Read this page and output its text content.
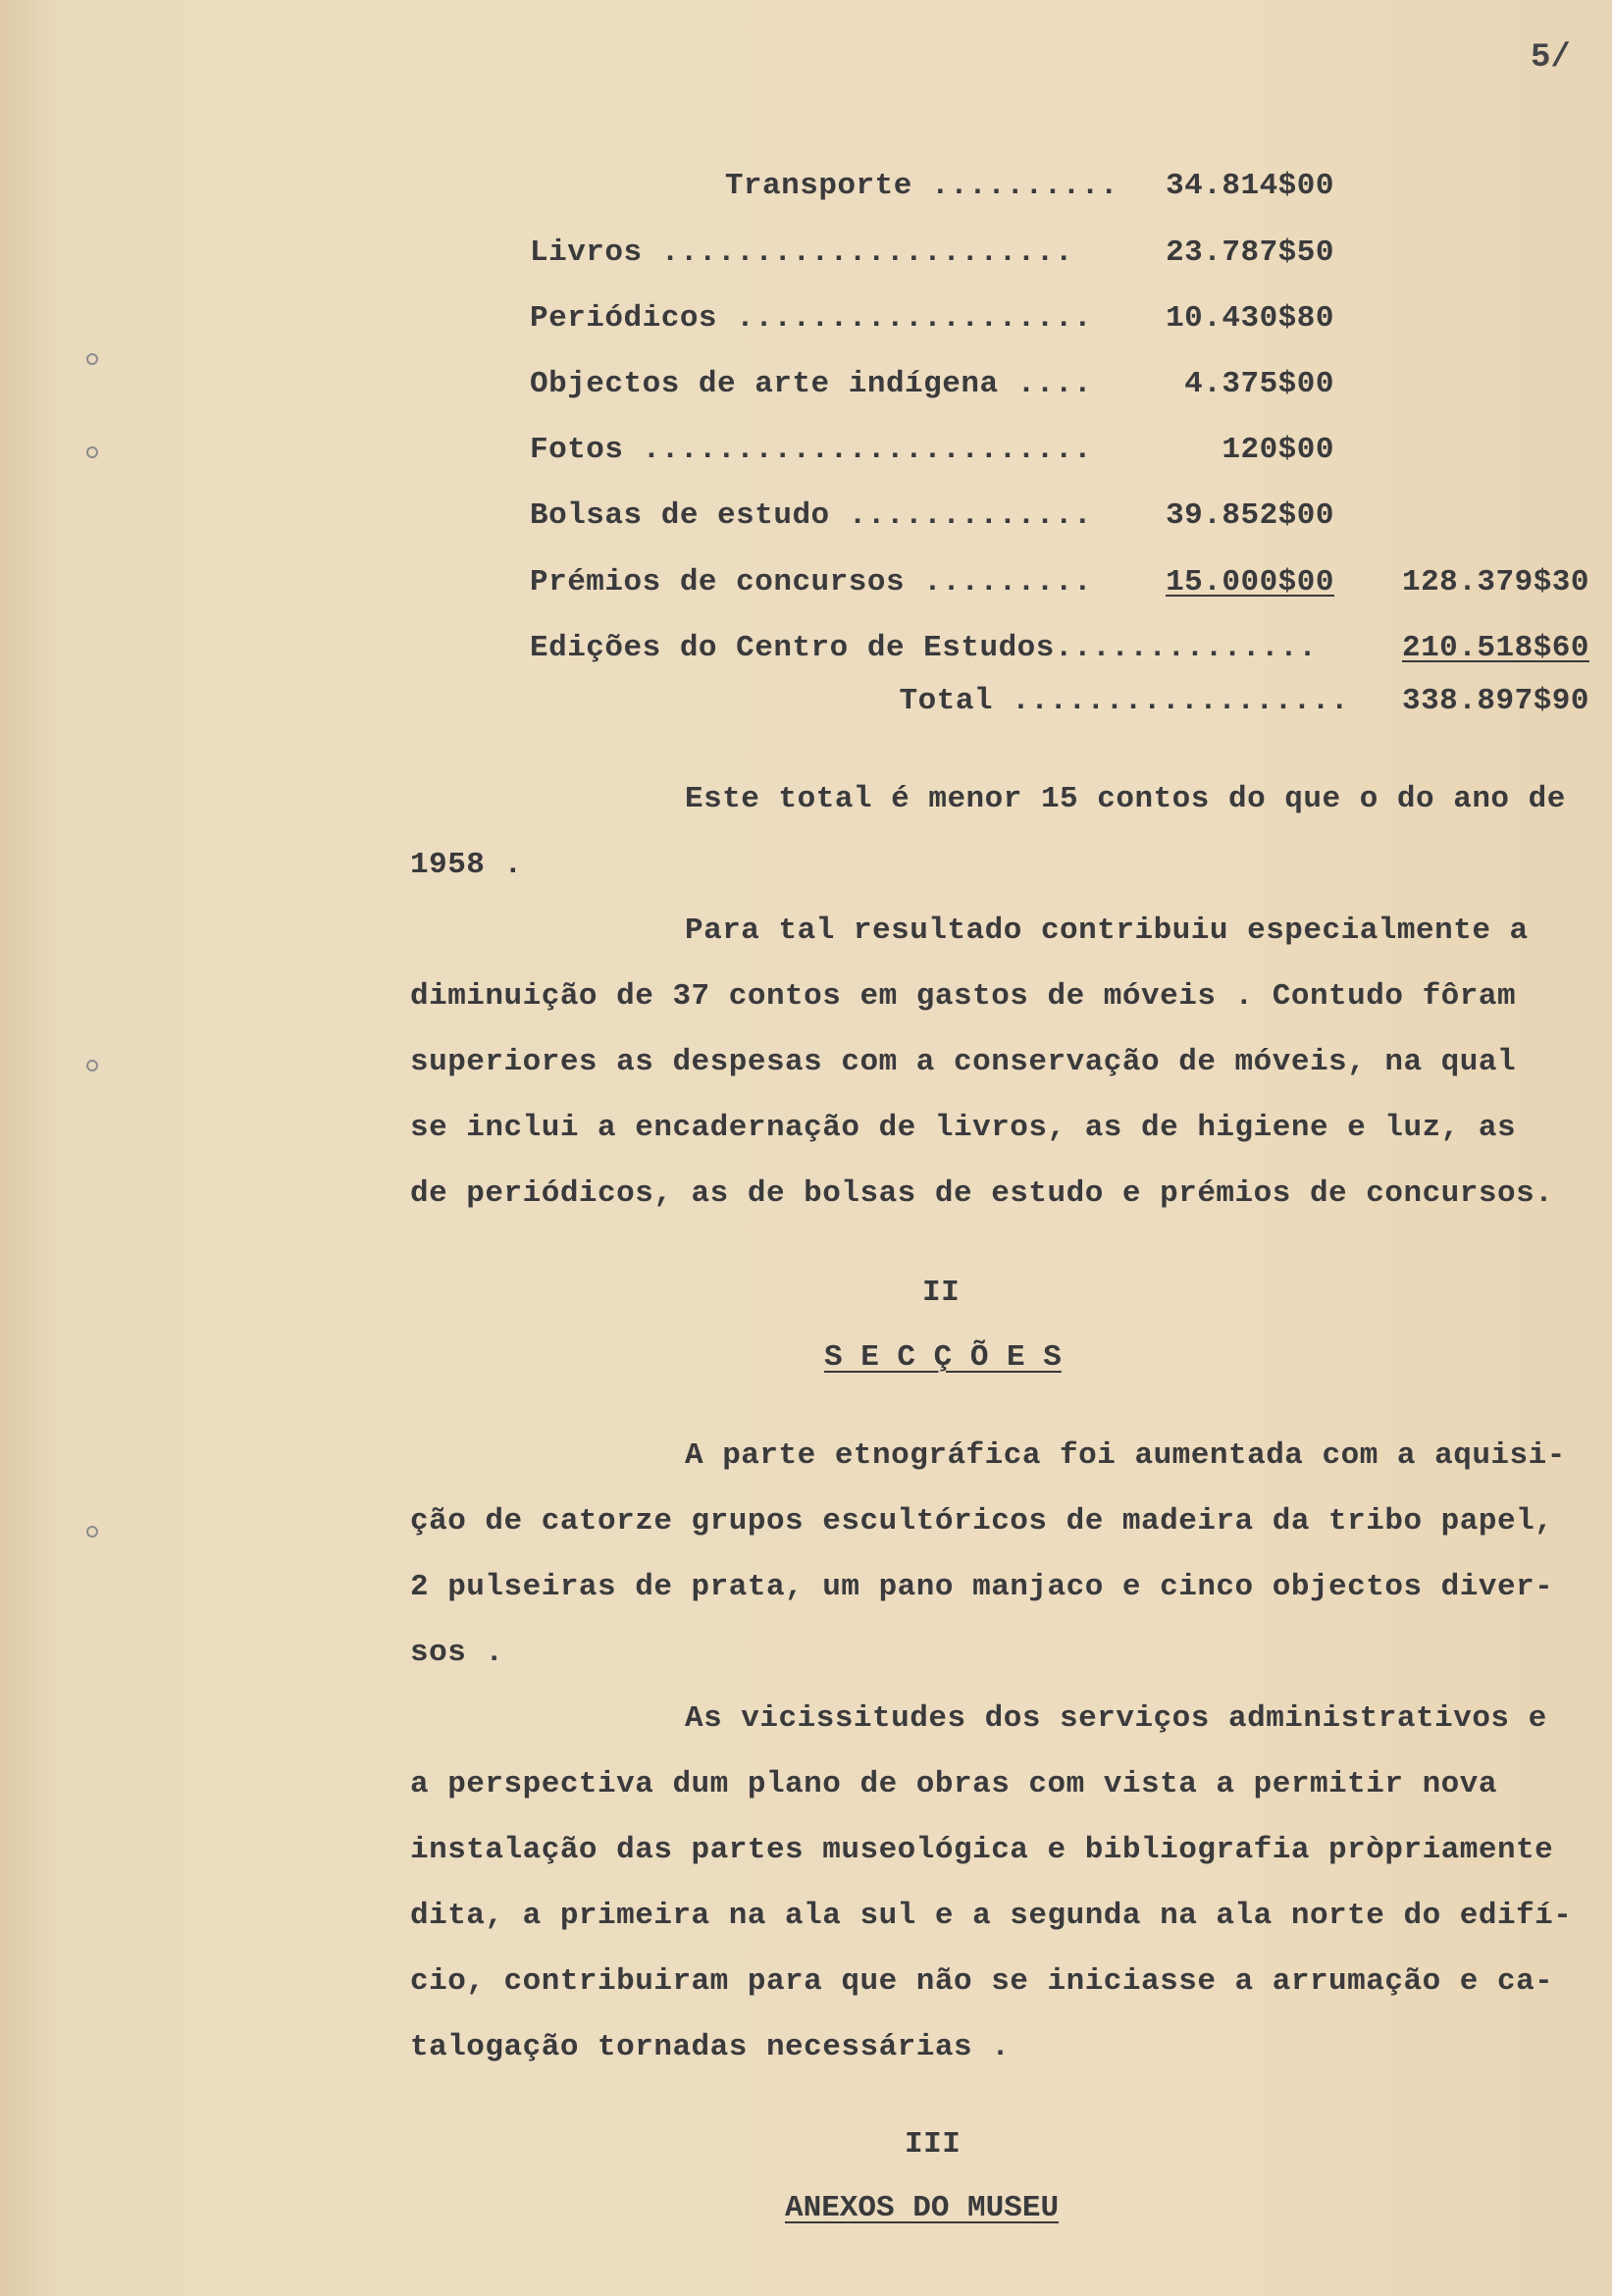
5/
Transporte ..........	34.814$00
Livros ......................	23.787$50
Periódicos ...................	10.430$80
Objectos de arte indígena ....	4.375$00
Fotos ........................	120$00
Bolsas de estudo .............	39.852$00
Prémios de concursos .........	15.000$00	128.379$30
Edições do Centro de Estudos..............	210.518$60
Total ..................	338.897$90
Este total é menor 15 contos do que o do ano de
1958 .
Para tal resultado contribuiu especialmente a
diminuição de 37 contos em gastos de móveis . Contudo fôram
superiores as despesas com a conservação de móveis, na qual
se inclui a encadernação de livros, as de higiene e luz, as
de periódicos, as de bolsas de estudo e prémios de concursos.
II
S E C Ç Õ E S
A parte etnográfica foi aumentada com a aquisi-
ção de catorze grupos escultóricos de madeira da tribo papel,
2 pulseiras de prata, um pano manjaco e cinco objectos diver-
sos .
As vicissitudes dos serviços administrativos e
a perspectiva dum plano de obras com vista a permitir nova
instalação das partes museológica e bibliografia pròpriamente
dita, a primeira na ala sul e a segunda na ala norte do edifí-
cio, contribuiram para que não se iniciasse a arrumação e ca-
talogação tornadas necessárias .
III
ANEXOS DO MUSEU
